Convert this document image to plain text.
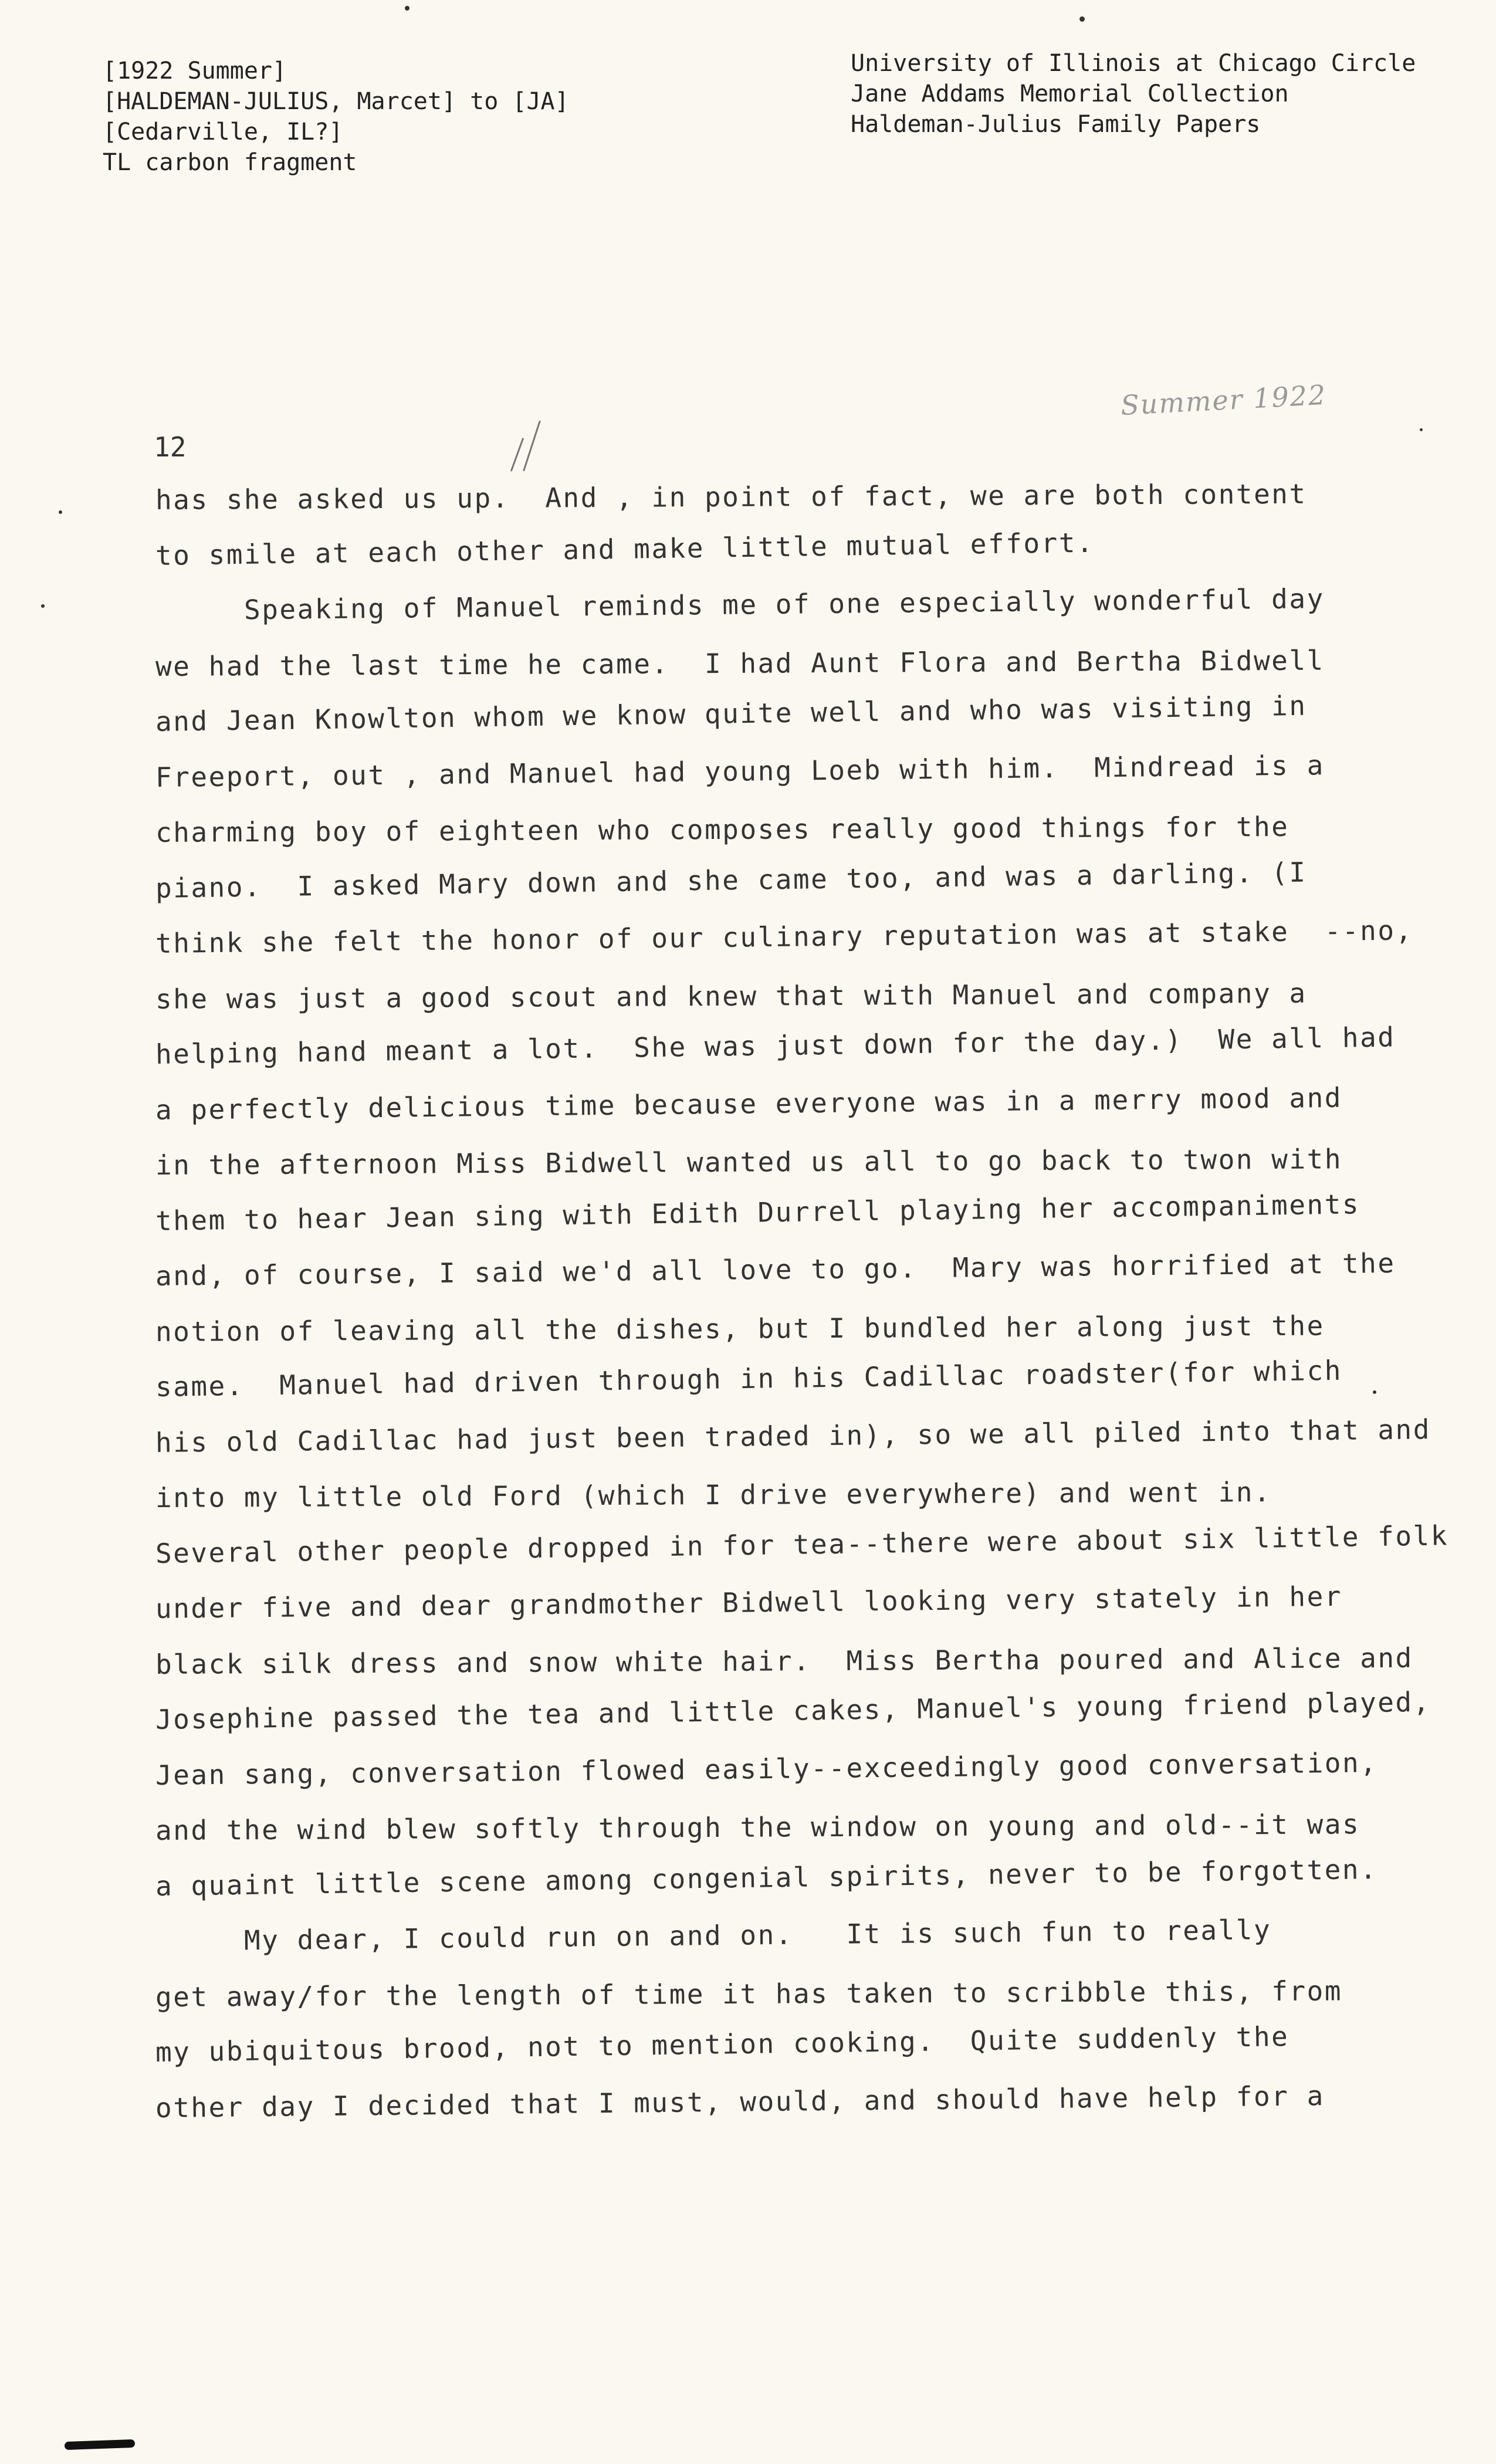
[1922 Summer]
[HALDEMAN-JULIUS, Marcet] to [JA]
[Cedarville, IL?]
TL carbon fragment
University of Illinois at Chicago Circle
Jane Addams Memorial Collection
Haldeman-Julius Family Papers
Summer 1922
12
has she asked us up.  And , in point of fact, we are both content
to smile at each other and make little mutual effort.
Speaking of Manuel reminds me of one especially wonderful day
we had the last time he came.  I had Aunt Flora and Bertha Bidwell
and Jean Knowlton whom we know quite well and who was visiting in
Freeport, out , and Manuel had young Loeb with him.  Mindread is a
charming boy of eighteen who composes really good things for the
piano.  I asked Mary down and she came too, and was a darling. (I
think she felt the honor of our culinary reputation was at stake  --no,
she was just a good scout and knew that with Manuel and company a
helping hand meant a lot.  She was just down for the day.)  We all had
a perfectly delicious time because everyone was in a merry mood and
in the afternoon Miss Bidwell wanted us all to go back to twon with
them to hear Jean sing with Edith Durrell playing her accompaniments
and, of course, I said we'd all love to go.  Mary was horrified at the
notion of leaving all the dishes, but I bundled her along just the
same.  Manuel had driven through in his Cadillac roadster(for which
his old Cadillac had just been traded in), so we all piled into that and
into my little old Ford (which I drive everywhere) and went in.
Several other people dropped in for tea--there were about six little folk
under five and dear grandmother Bidwell looking very stately in her
black silk dress and snow white hair.  Miss Bertha poured and Alice and
Josephine passed the tea and little cakes, Manuel's young friend played,
Jean sang, conversation flowed easily--exceedingly good conversation,
and the wind blew softly through the window on young and old--it was
a quaint little scene among congenial spirits, never to be forgotten.
My dear, I could run on and on.   It is such fun to really
get away/for the length of time it has taken to scribble this, from
my ubiquitous brood, not to mention cooking.  Quite suddenly the
other day I decided that I must, would, and should have help for a
